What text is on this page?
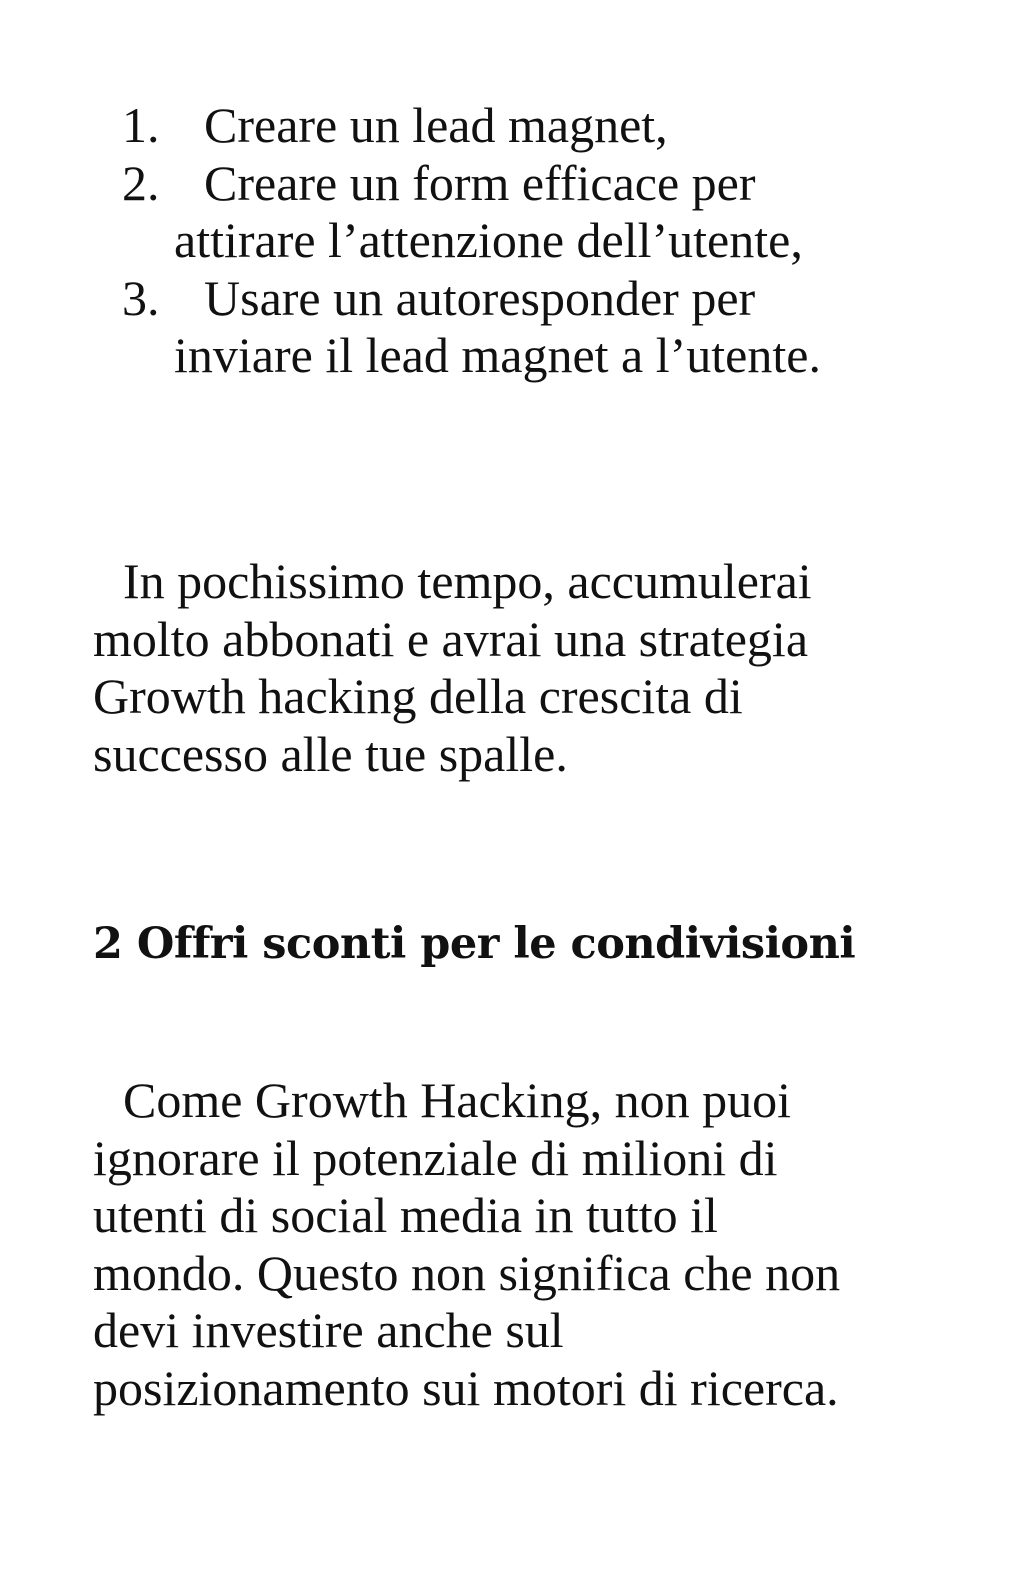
1. Creare un lead magnet,
2. Creare un form efficace per
attirare l’attenzione dell’utente,
3. Usare un autoresponder per
inviare il lead magnet a l’utente.

In pochissimo tempo, accumulerai
molto abbonati e avrai una strategia
Growth hacking della crescita di
successo alle tue spalle.

2 Offri sconti per le condivisioni

Come Growth Hacking, non puoi
ignorare il potenziale di milioni di
utenti di social media in tutto il
mondo. Questo non significa che non
devi investire anche sul
posizionamento sui motori di ricerca.
